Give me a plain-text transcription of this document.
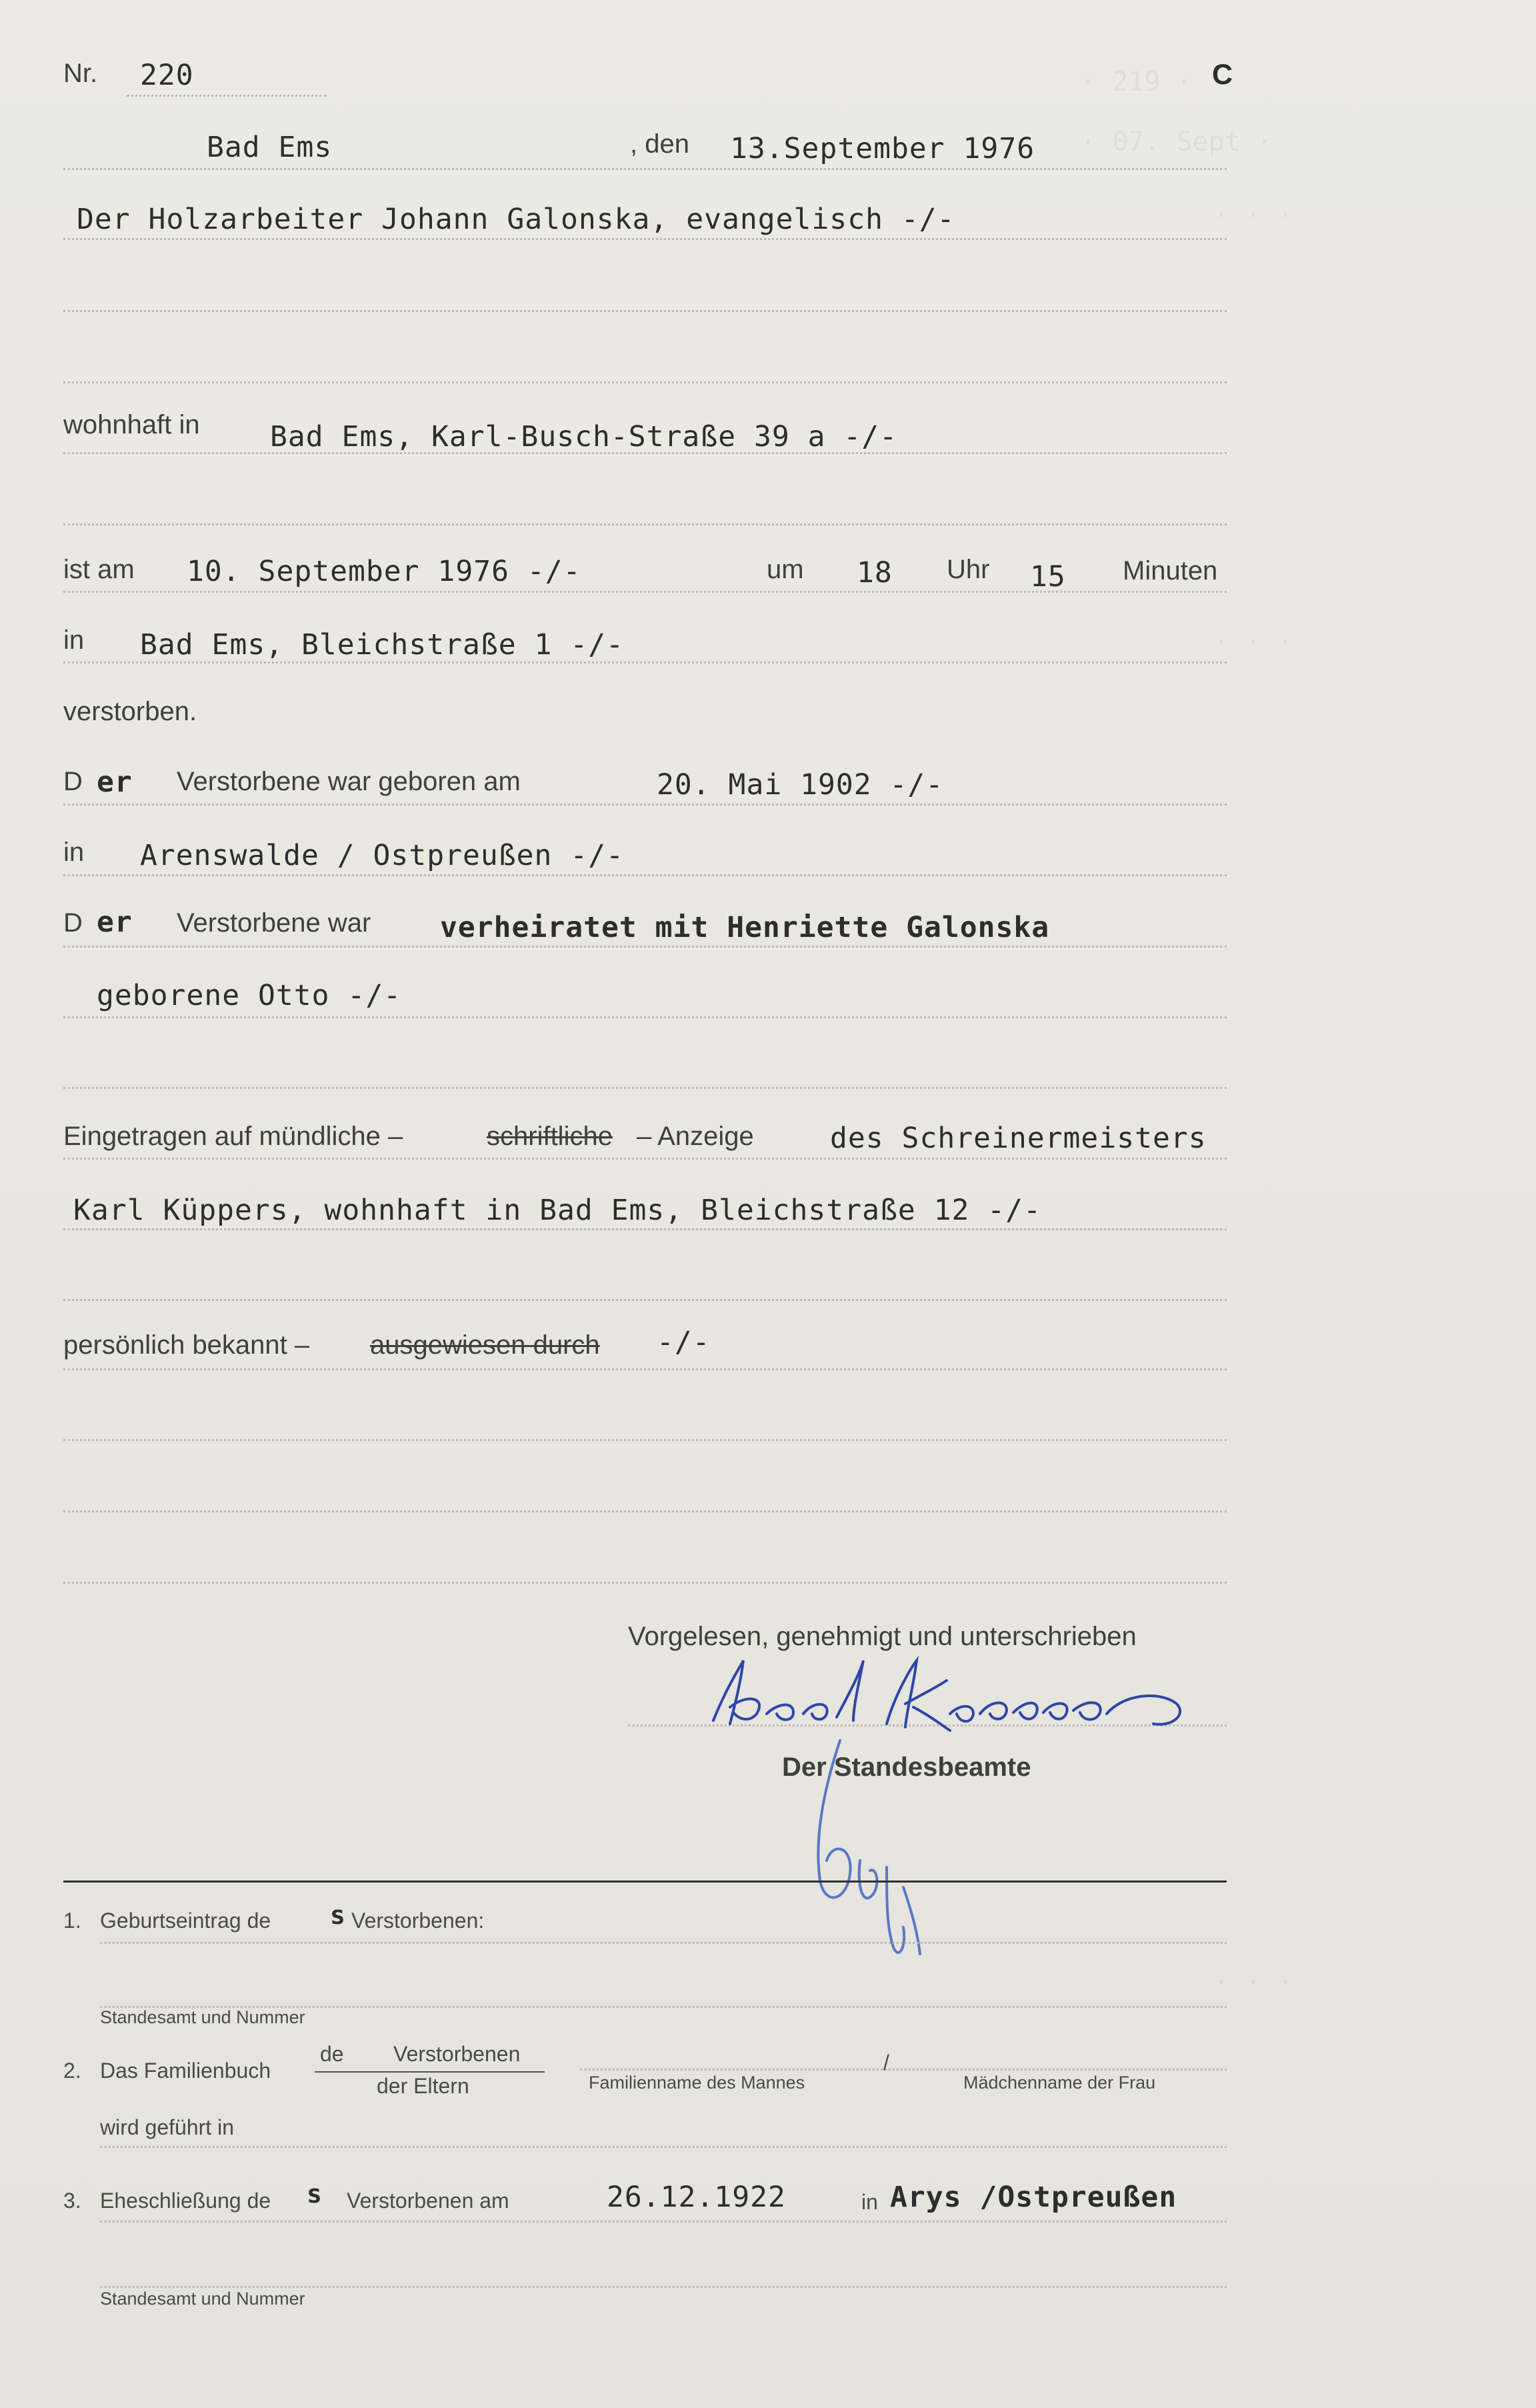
· 219 ·
· 07. Sept ·
· · ·
· · ·
· · ·
Nr. 220	C
Bad Ems	, den 13.September 1976
Der Holzarbeiter Johann Galonska, evangelisch -/-
wohnhaft in Bad Ems, Karl-Busch-Straße 39 a -/-
ist am 10. September 1976 -/-	um 18 Uhr 15 Minuten
in Bad Ems, Bleichstraße 1 -/-
verstorben.
D er Verstorbene war geboren am	20. Mai 1902 -/-
in Arenswalde / Ostpreußen -/-
D er Verstorbene war verheiratet mit Henriette Galonska
geborene Otto -/-
Eingetragen auf mündliche –	schriftliche – Anzeige	des Schreinermeisters
Karl Küppers, wohnhaft in Bad Ems, Bleichstraße 12 -/-
persönlich bekannt – ausgewiesen durch -/-
Vorgelesen, genehmigt und unterschrieben
Der Standesbeamte
1. Geburtseintrag de s Verstorbenen:
Standesamt und Nummer
2. Das Familienbuch
de Verstorbenen
der Eltern	Familienname des Mannes
/
Mädchenname der Frau
wird geführt in
3. Eheschließung de s Verstorbenen am	26.12.1922	in Arys /Ostpreußen
Standesamt und Nummer
